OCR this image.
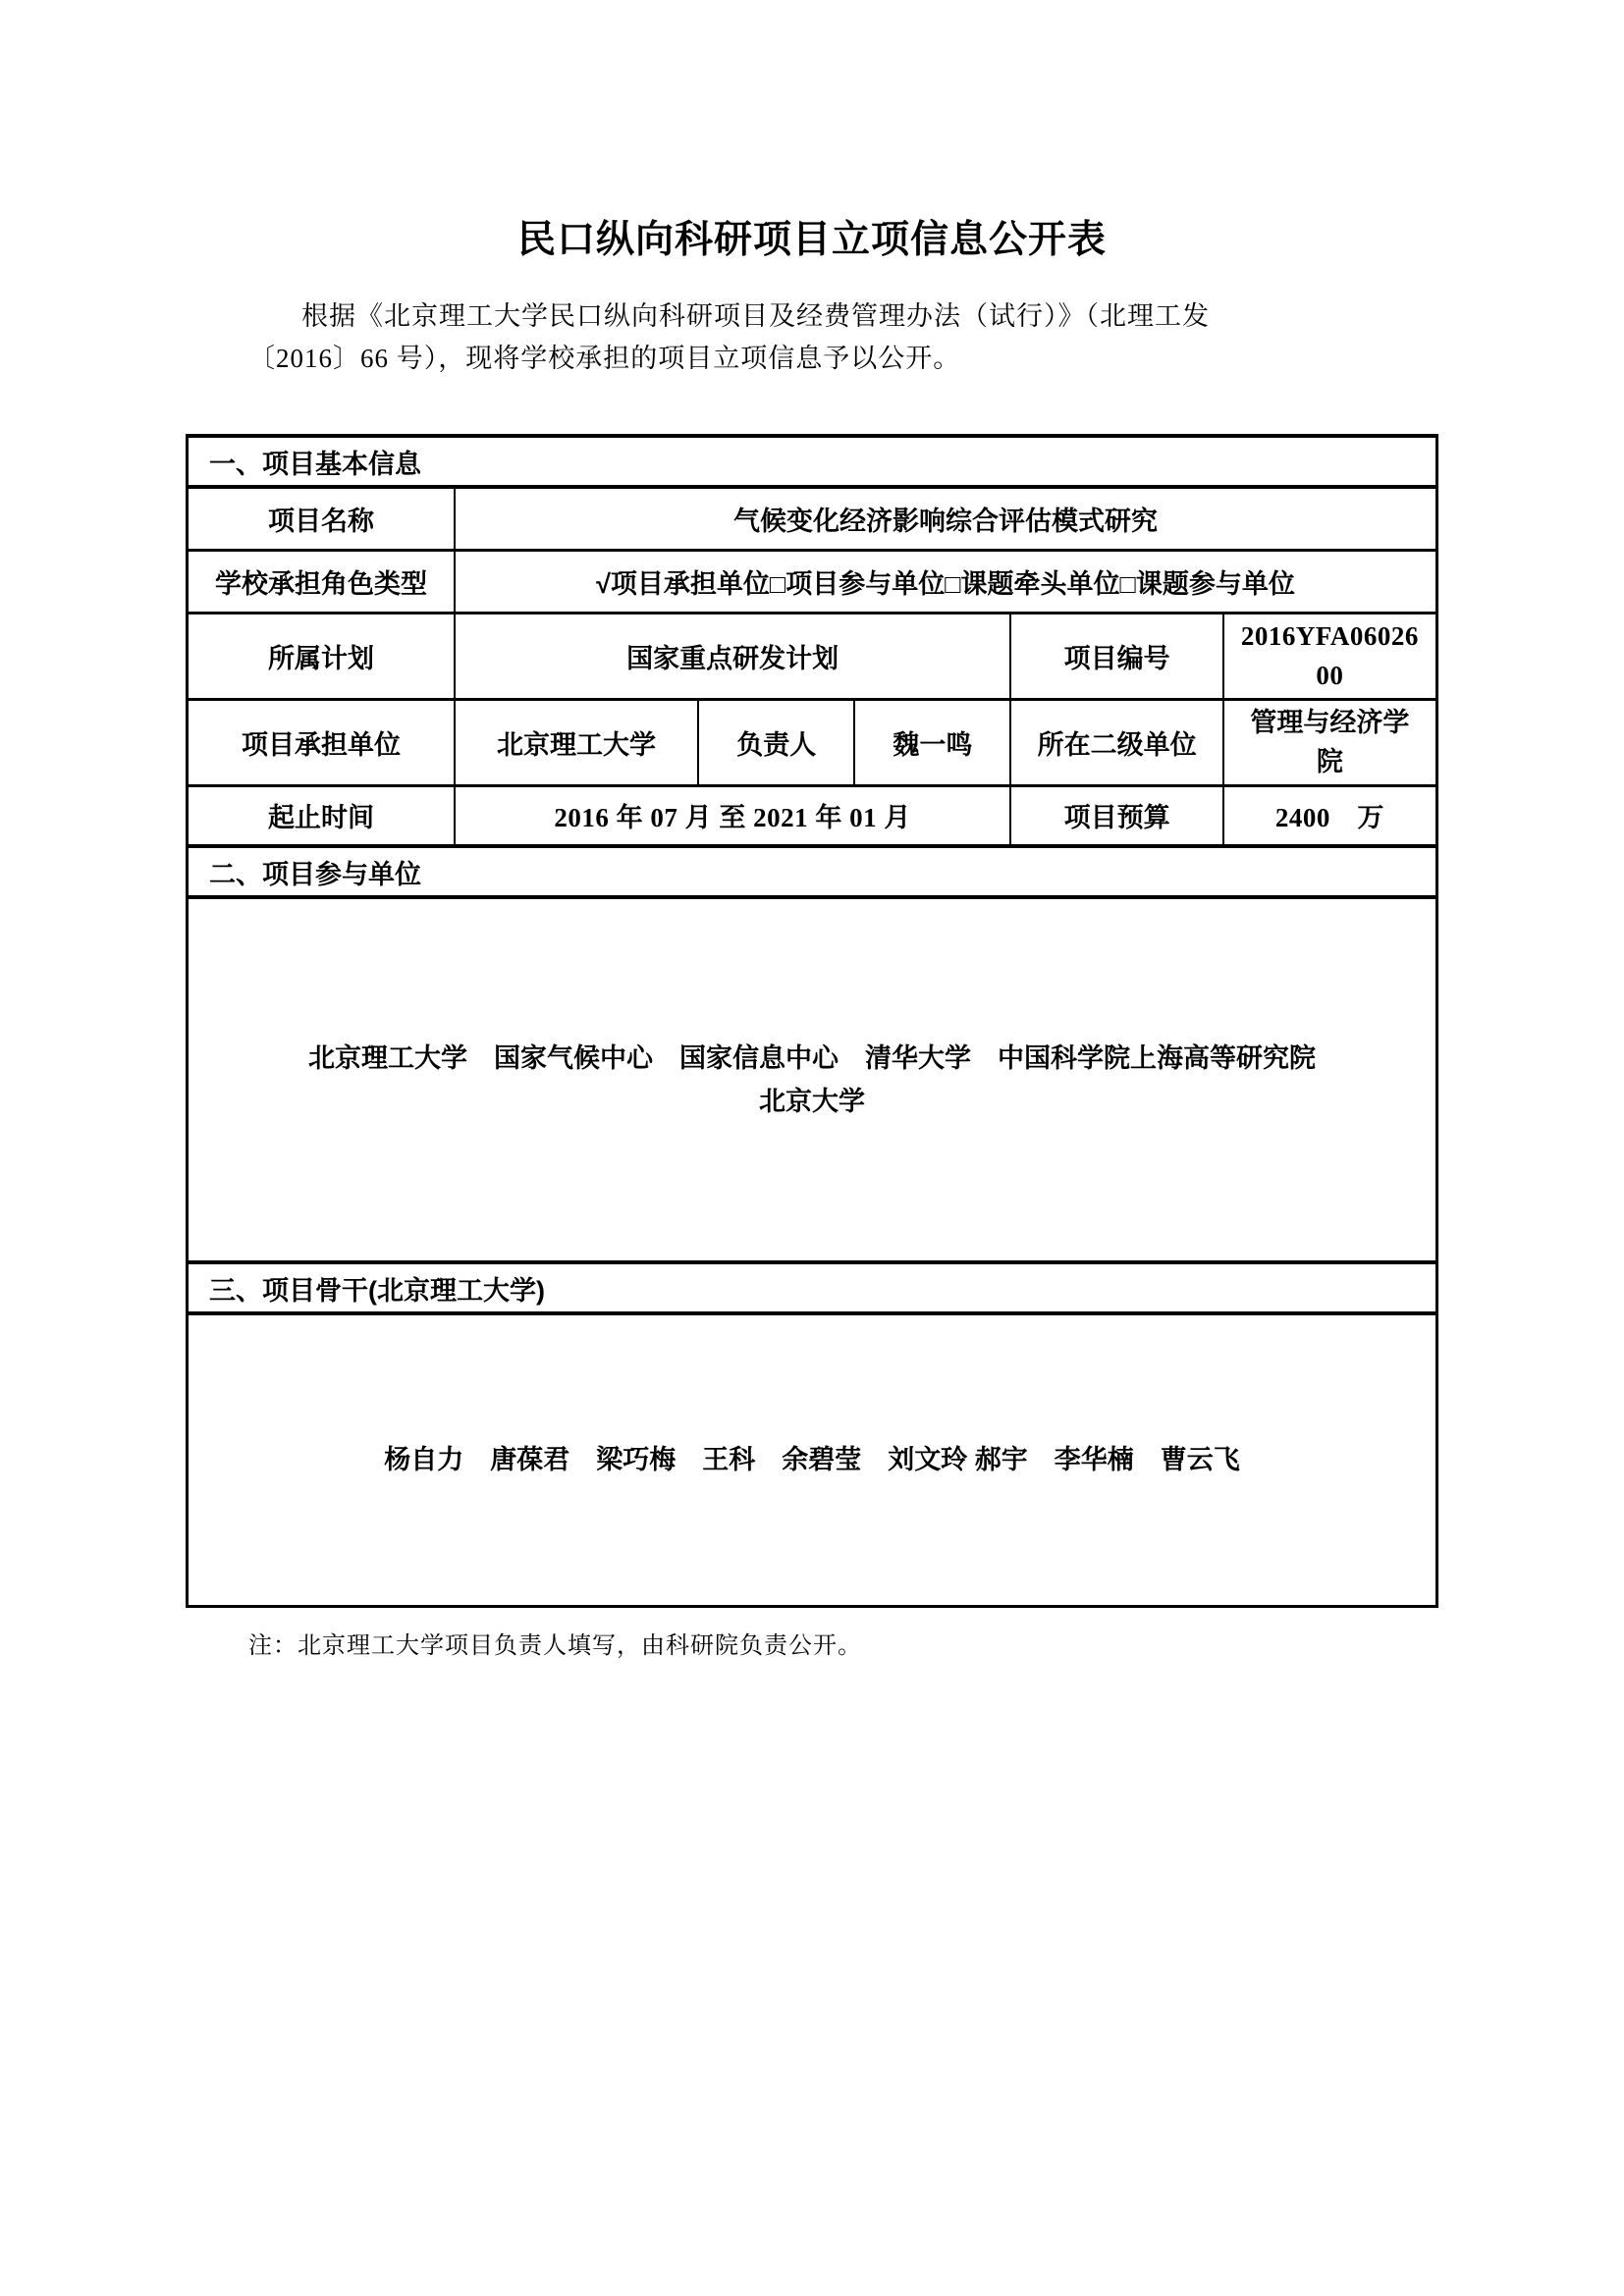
民口纵向科研项目立项信息公开表
根据《北京理工大学民口纵向科研项目及经费管理办法（试行）》（北理工发
〔2016〕66 号），现将学校承担的项目立项信息予以公开。
一、项目基本信息					
项目名称	气候变化经济影响综合评估模式研究				
学校承担角色类型	√项目承担单位□项目参与单位□课题牵头单位□课题参与单位				
所属计划	国家重点研发计划			项目编号	2016YFA0602600

项目承担单位	北京理工大学	负责人	魏一鸣	所在二级单位	管理与经济学院

起止时间	2016 年 07 月 至 2021 年 01 月			项目预算	2400　万
二、项目参与单位					

北京理工大学　国家气候中心　国家信息中心　清华大学　中国科学院上海高等研究院
北京大学					

三、项目骨干(北京理工大学)					

杨自力　唐葆君　梁巧梅　王科　余碧莹　刘文玲 郝宇　李华楠　曹云飞					
注：北京理工大学项目负责人填写，由科研院负责公开。
